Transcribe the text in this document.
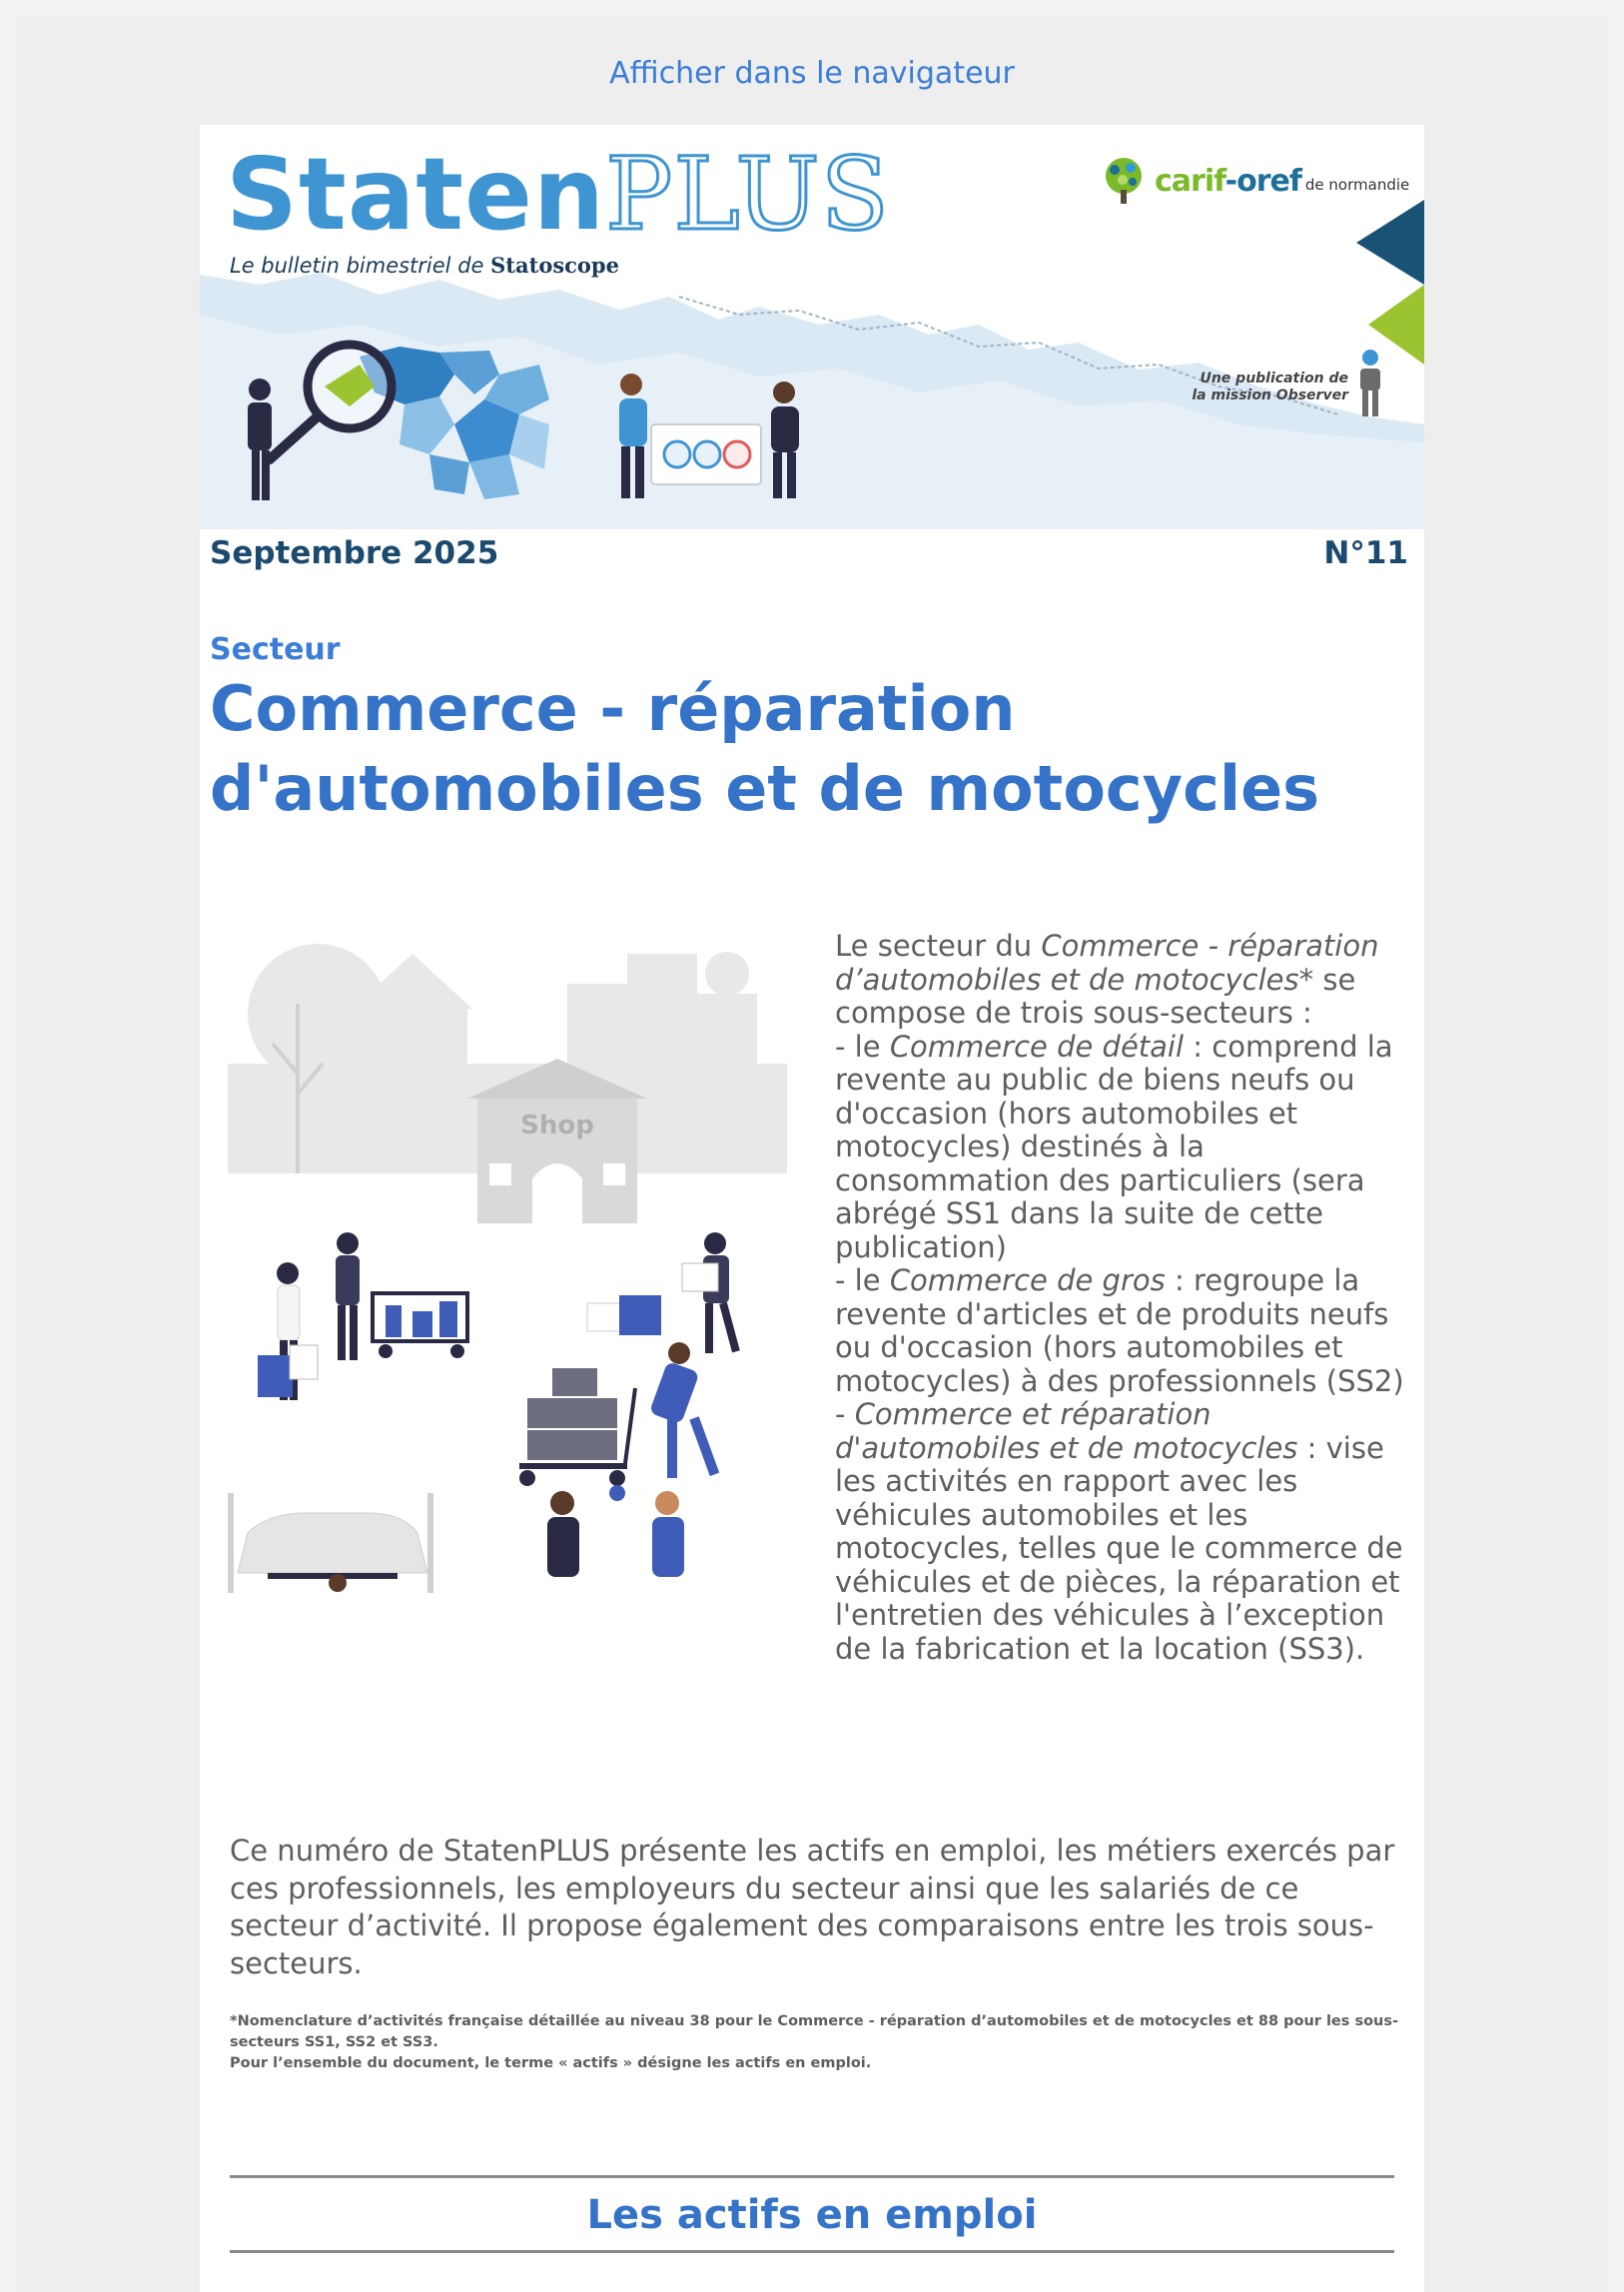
Afficher dans le navigateur
StatenPLUS
Le bulletin bimestriel de Statoscope
carif-oref de normandie
Une publication de
la mission Observer
Septembre 2025	N°11
Secteur
Commerce - réparation d'automobiles et de motocycles
Shop
Le secteur du Commerce - réparation d’automobiles et de motocycles* se compose de trois sous-secteurs :
- le Commerce de détail : comprend la revente au public de biens neufs ou d'occasion (hors automobiles et motocycles) destinés à la consommation des particuliers (sera abrégé SS1 dans la suite de cette publication)
- le Commerce de gros : regroupe la revente d'articles et de produits neufs ou d'occasion (hors automobiles et motocycles) à des professionnels (SS2)
- Commerce et réparation d'automobiles et de motocycles : vise les activités en rapport avec les véhicules automobiles et les motocycles, telles que le commerce de véhicules et de pièces, la réparation et l'entretien des véhicules à l’exception de la fabrication et la location (SS3).
Ce numéro de StatenPLUS présente les actifs en emploi, les métiers exercés par ces professionnels, les employeurs du secteur ainsi que les salariés de ce secteur d’activité. Il propose également des comparaisons entre les trois sous-secteurs.
*Nomenclature d’activités française détaillée au niveau 38 pour le Commerce - réparation d’automobiles et de motocycles et 88 pour les sous-secteurs SS1, SS2 et SS3.
Pour l’ensemble du document, le terme « actifs » désigne les actifs en emploi.
Les actifs en emploi
